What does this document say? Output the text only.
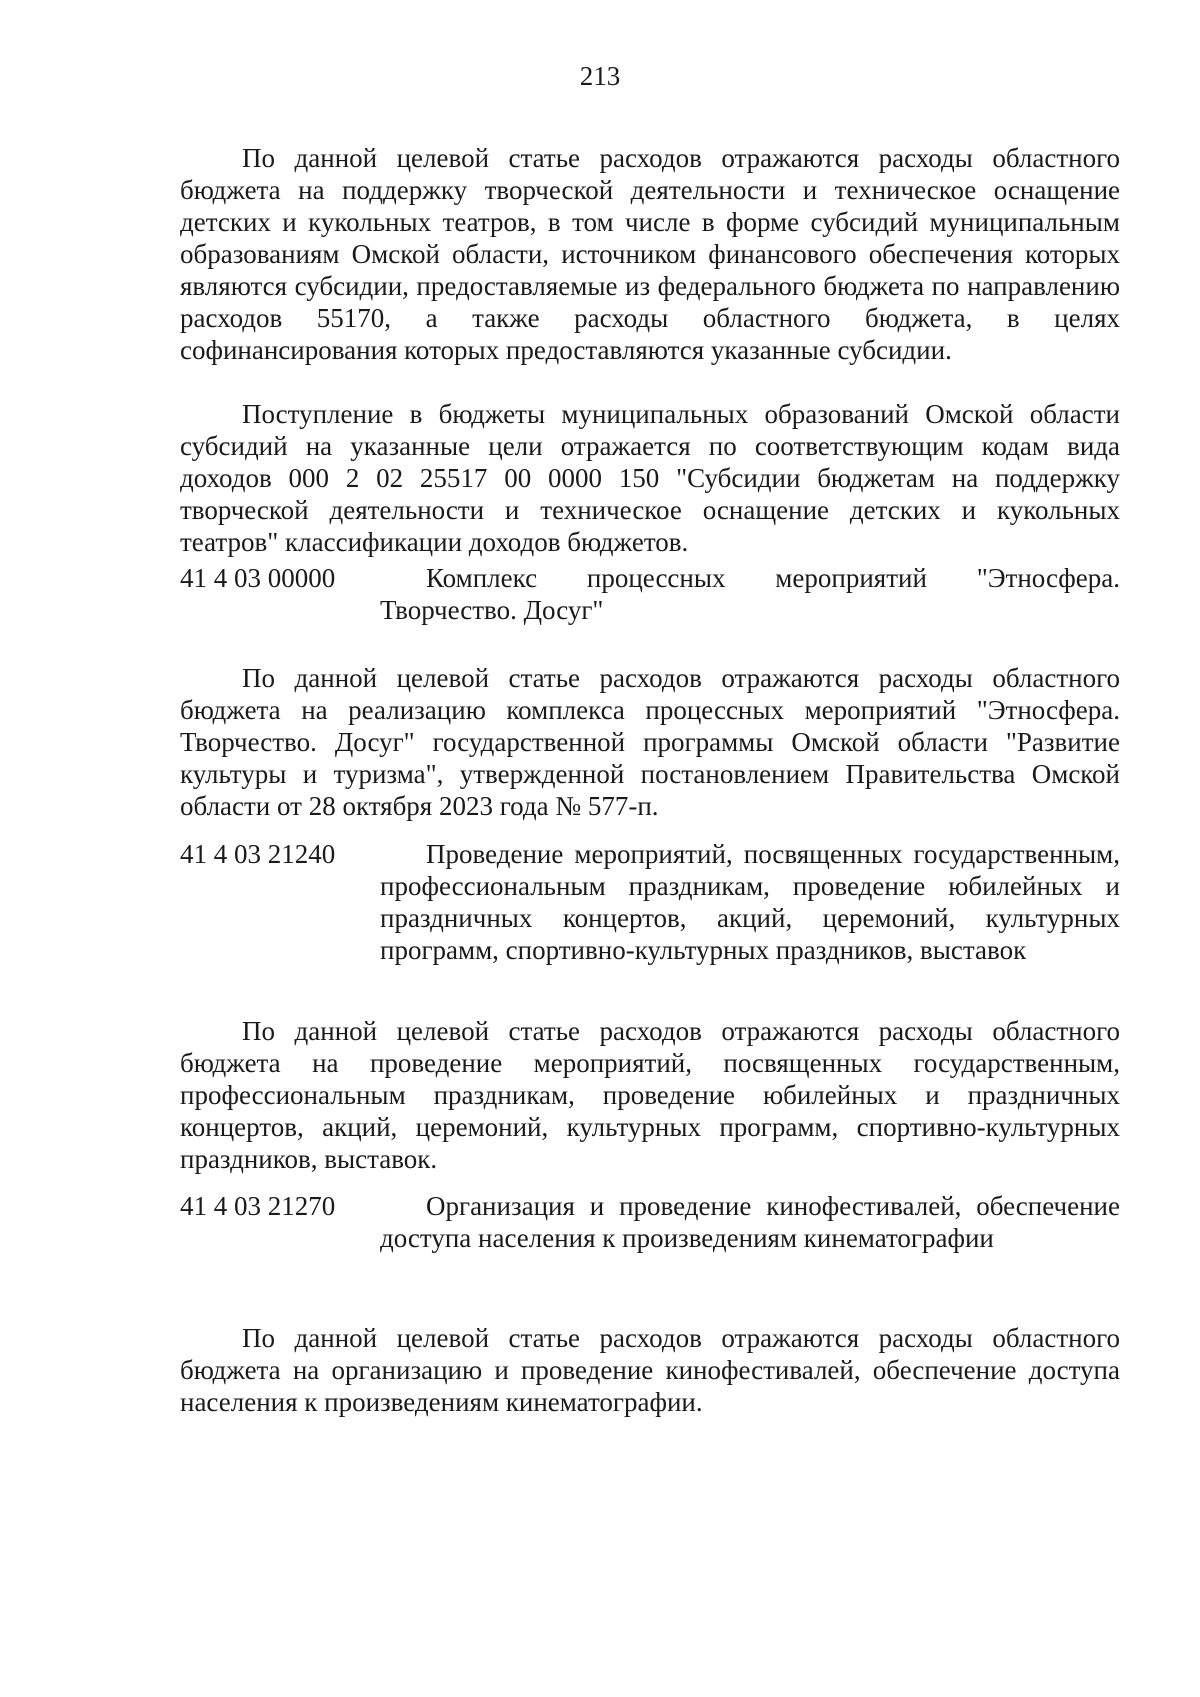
213

По данной целевой статье расходов отражаются расходы областного бюджета на поддержку творческой деятельности и техническое оснащение детских и кукольных театров, в том числе в форме субсидий муниципальным образованиям Омской области, источником финансового обеспечения которых являются субсидии, предоставляемые из федерального бюджета по направлению расходов 55170, а также расходы областного бюджета, в целях софинансирования которых предоставляются указанные субсидии.

Поступление в бюджеты муниципальных образований Омской области субсидий на указанные цели отражается по соответствующим кодам вида доходов 000 2 02 25517 00 0000 150 "Субсидии бюджетам на поддержку творческой деятельности и техническое оснащение детских и кукольных театров" классификации доходов бюджетов.

41 4 03 00000	Комплекс процессных мероприятий "Этносфера. Творчество. Досуг"

По данной целевой статье расходов отражаются расходы областного бюджета на реализацию комплекса процессных мероприятий "Этносфера. Творчество. Досуг" государственной программы Омской области "Развитие культуры и туризма", утвержденной постановлением Правительства Омской области от 28 октября 2023 года № 577-п.

41 4 03 21240	Проведение мероприятий, посвященных государственным, профессиональным праздникам, проведение юбилейных и праздничных концертов, акций, церемоний, культурных программ, спортивно-культурных праздников, выставок

По данной целевой статье расходов отражаются расходы областного бюджета на проведение мероприятий, посвященных государственным, профессиональным праздникам, проведение юбилейных и праздничных концертов, акций, церемоний, культурных программ, спортивно-культурных праздников, выставок.

41 4 03 21270	Организация и проведение кинофестивалей, обеспечение доступа населения к произведениям кинематографии

По данной целевой статье расходов отражаются расходы областного бюджета на организацию и проведение кинофестивалей, обеспечение доступа населения к произведениям кинематографии.
